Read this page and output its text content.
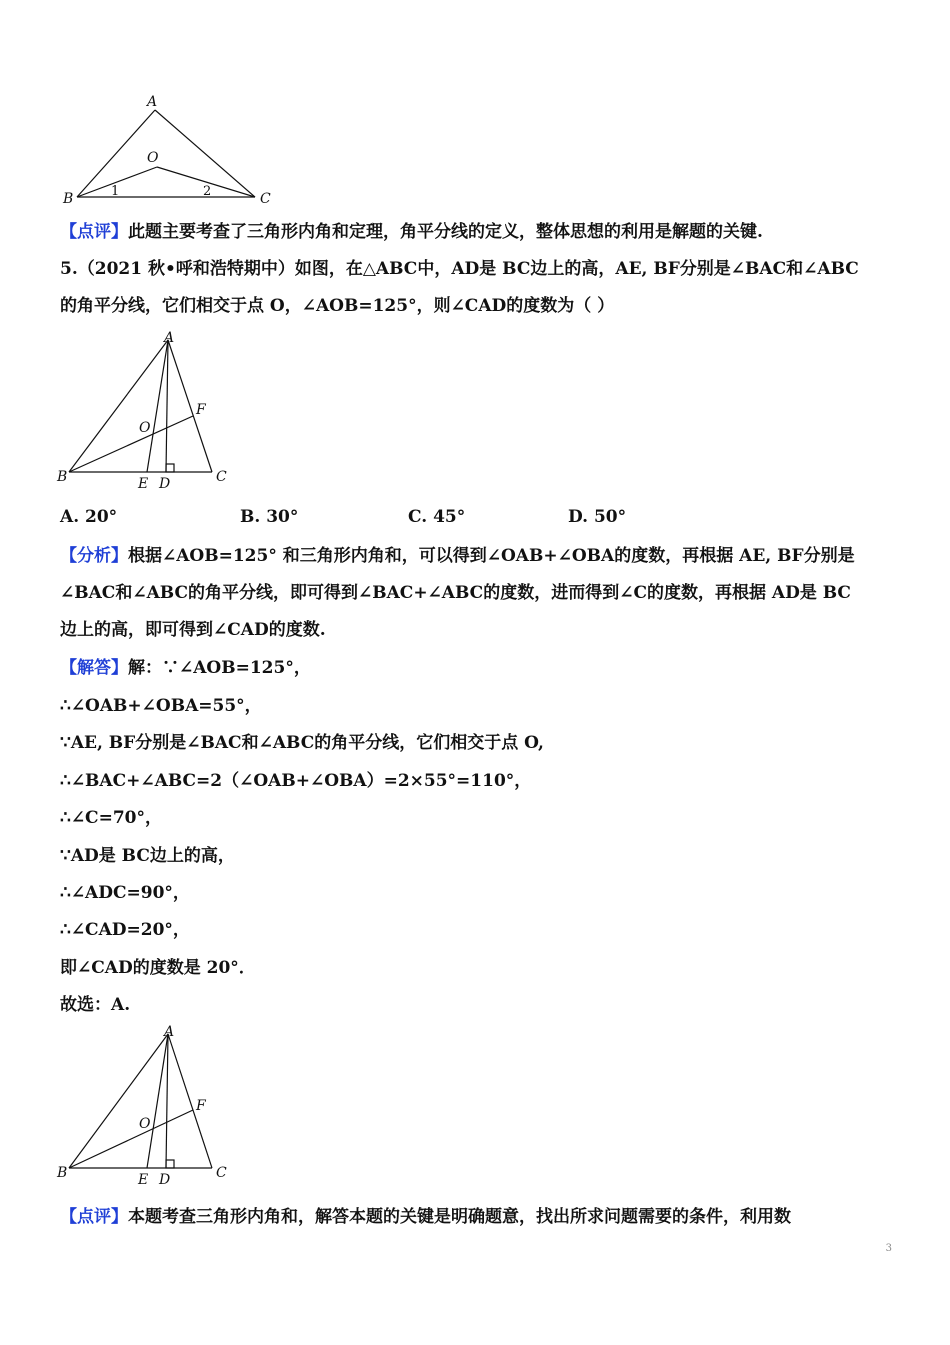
A
O
B	C
1	2
【点评】此题主要考查了三角形内角和定理，角平分线的定义，整体思想的利用是解题的关键.
5.（2021 秋•呼和浩特期中）如图，在△ABC中，AD是 BC边上的高，AE, BF分别是∠BAC和∠ABC
的角平分线，它们相交于点 O，∠AOB=125°，则∠CAD的度数为（ ）
A
F
O
B	E D	C
A. 20°	B. 30°	C. 45°	D. 50°
【分析】根据∠AOB=125° 和三角形内角和，可以得到∠OAB+∠OBA的度数，再根据 AE, BF分别是
∠BAC和∠ABC的角平分线，即可得到∠BAC+∠ABC的度数，进而得到∠C的度数，再根据 AD是 BC
边上的高，即可得到∠CAD的度数.
【解答】解：∵∠AOB=125°，
∴∠OAB+∠OBA=55°，
∵AE, BF分别是∠BAC和∠ABC的角平分线，它们相交于点 O,
∴∠BAC+∠ABC=2（∠OAB+∠OBA）=2×55°=110°，
∴∠C=70°，
∵AD是 BC边上的高，
∴∠ADC=90°，
∴∠CAD=20°，
即∠CAD的度数是 20°．
故选：A.
A
F
O
B	E D	C
【点评】本题考查三角形内角和，解答本题的关键是明确题意，找出所求问题需要的条件，利用数
3
